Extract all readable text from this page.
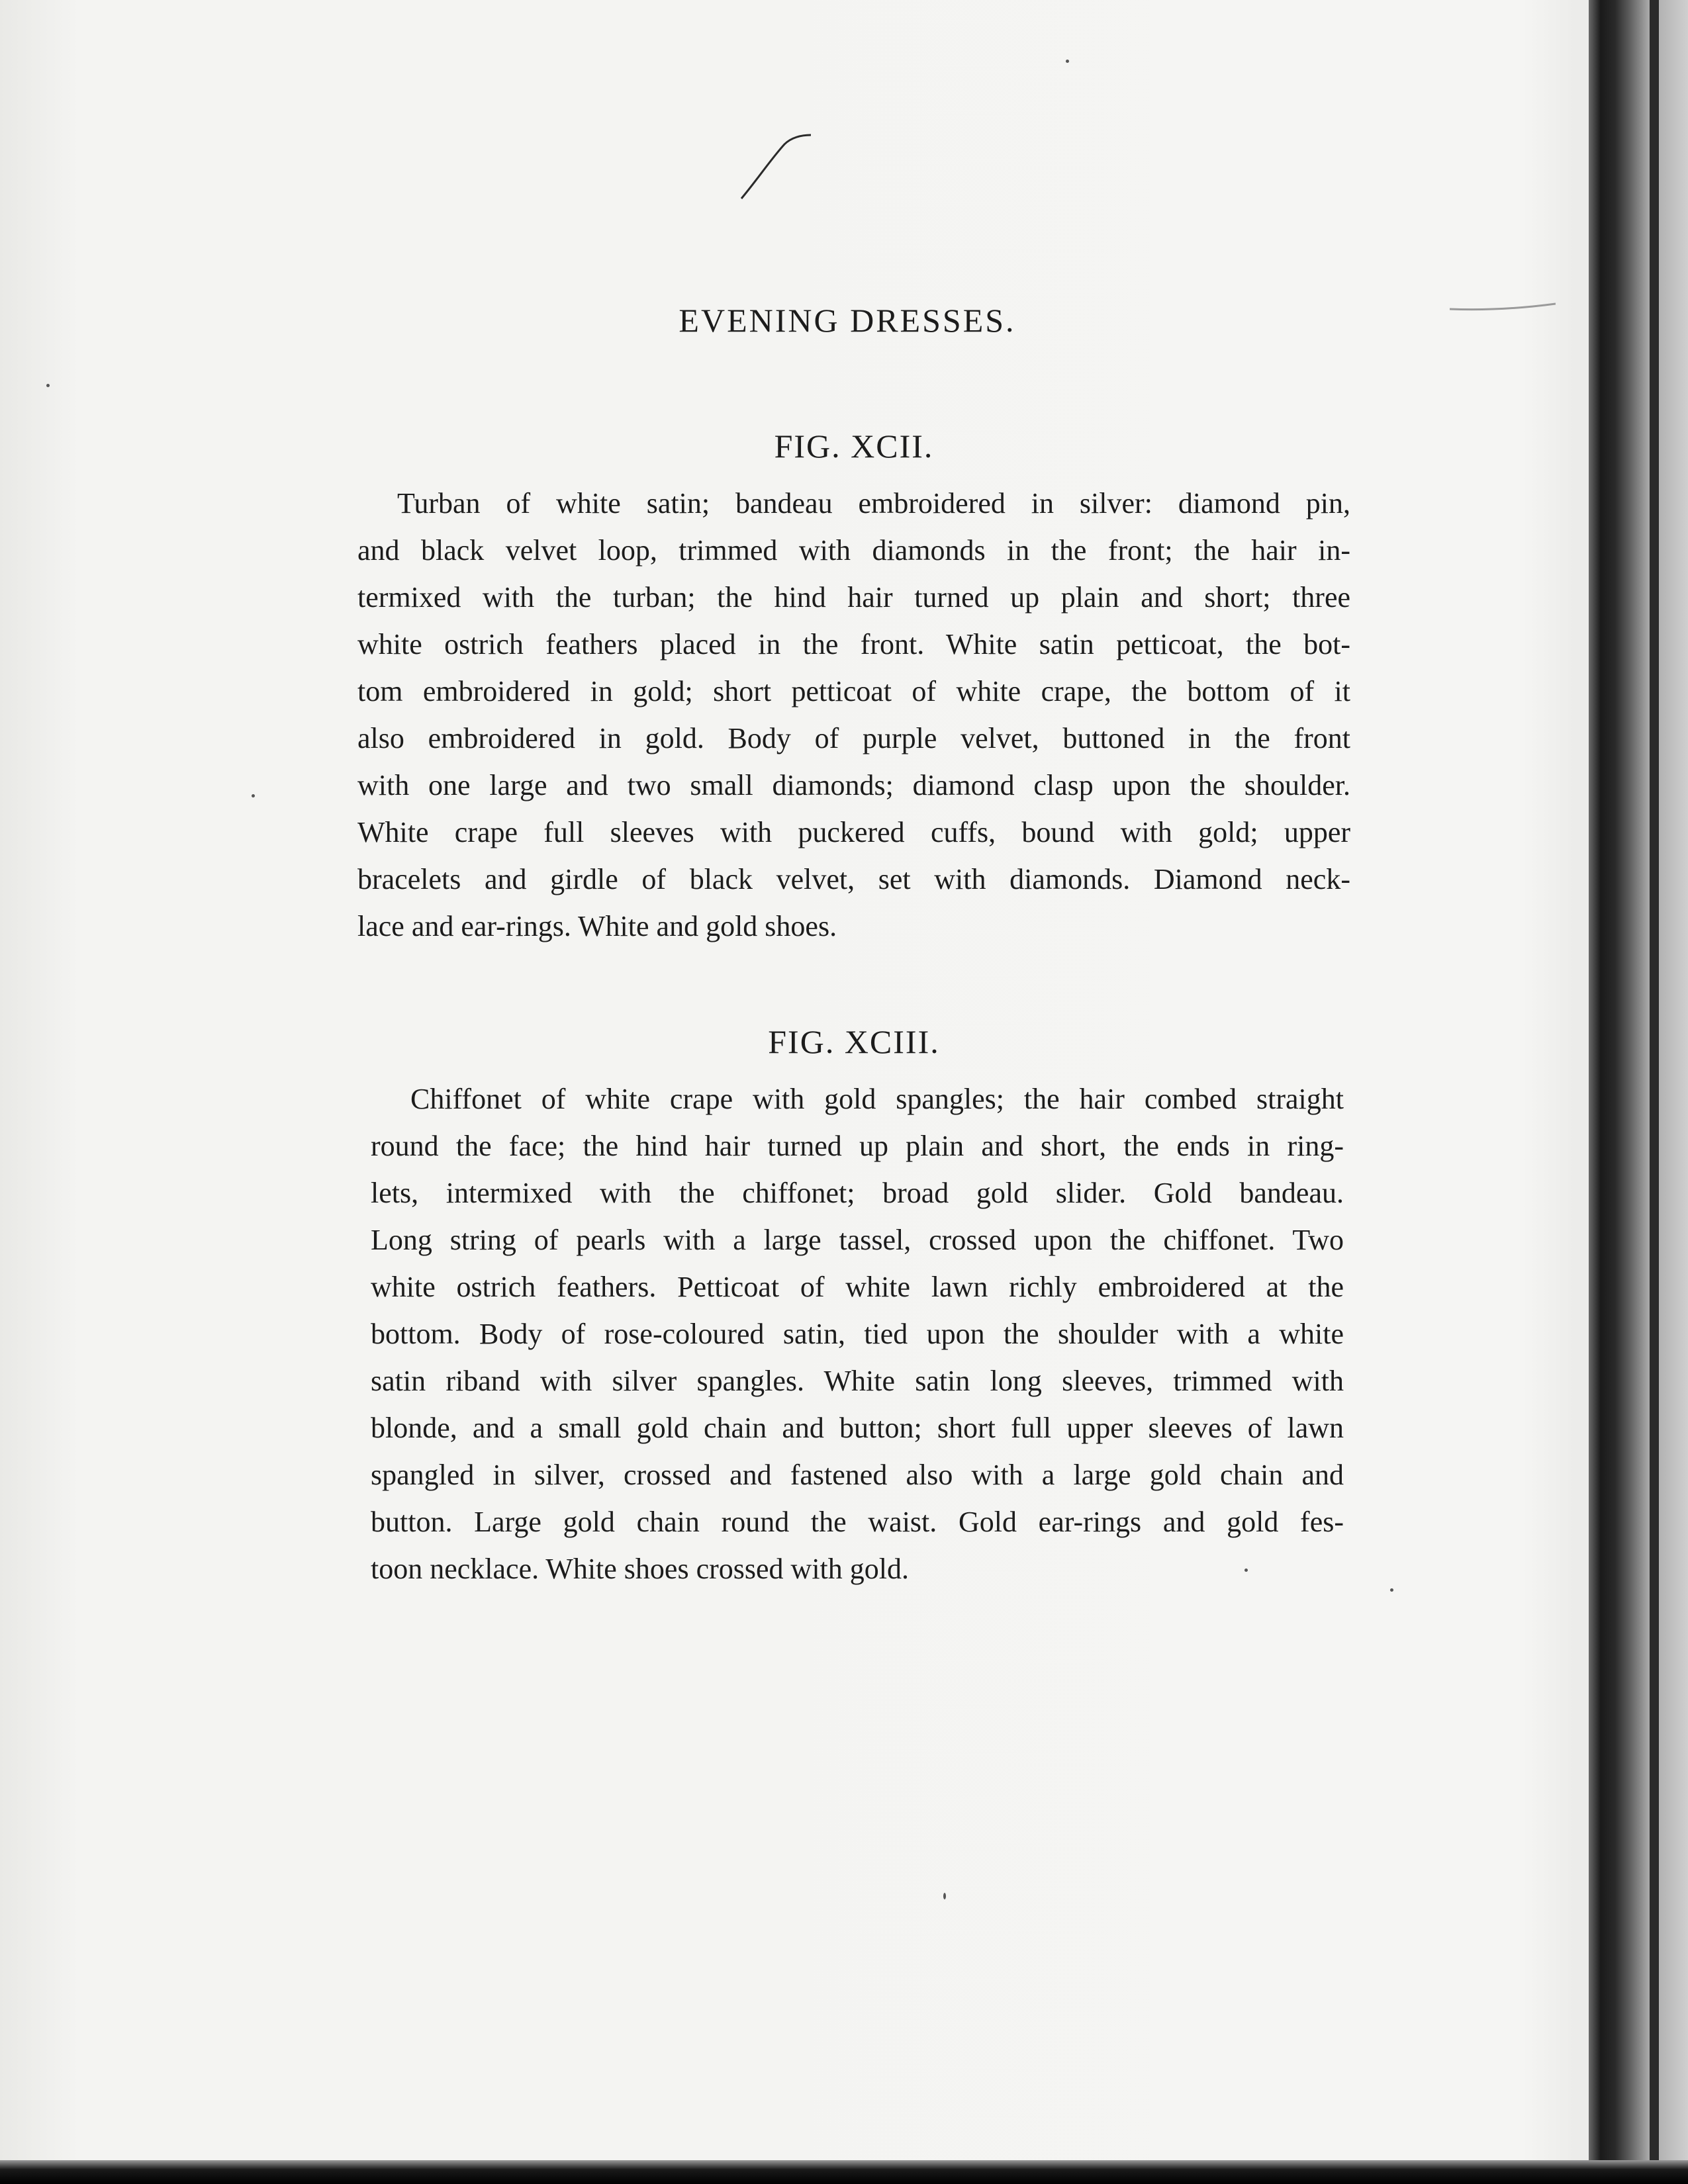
EVENING DRESSES.
FIG. XCII.
Turban of white satin; bandeau embroidered in silver: diamond pin,
and black velvet loop, trimmed with diamonds in the front; the hair in-
termixed with the turban; the hind hair turned up plain and short; three
white ostrich feathers placed in the front. White satin petticoat, the bot-
tom embroidered in gold; short petticoat of white crape, the bottom of it
also embroidered in gold. Body of purple velvet, buttoned in the front
with one large and two small diamonds; diamond clasp upon the shoulder.
White crape full sleeves with puckered cuffs, bound with gold; upper
bracelets and girdle of black velvet, set with diamonds. Diamond neck-
lace and ear-rings. White and gold shoes.
FIG. XCIII.
Chiffonet of white crape with gold spangles; the hair combed straight
round the face; the hind hair turned up plain and short, the ends in ring-
lets, intermixed with the chiffonet; broad gold slider. Gold bandeau.
Long string of pearls with a large tassel, crossed upon the chiffonet. Two
white ostrich feathers. Petticoat of white lawn richly embroidered at the
bottom. Body of rose-coloured satin, tied upon the shoulder with a white
satin riband with silver spangles. White satin long sleeves, trimmed with
blonde, and a small gold chain and button; short full upper sleeves of lawn
spangled in silver, crossed and fastened also with a large gold chain and
button. Large gold chain round the waist. Gold ear-rings and gold fes-
toon necklace. White shoes crossed with gold.
